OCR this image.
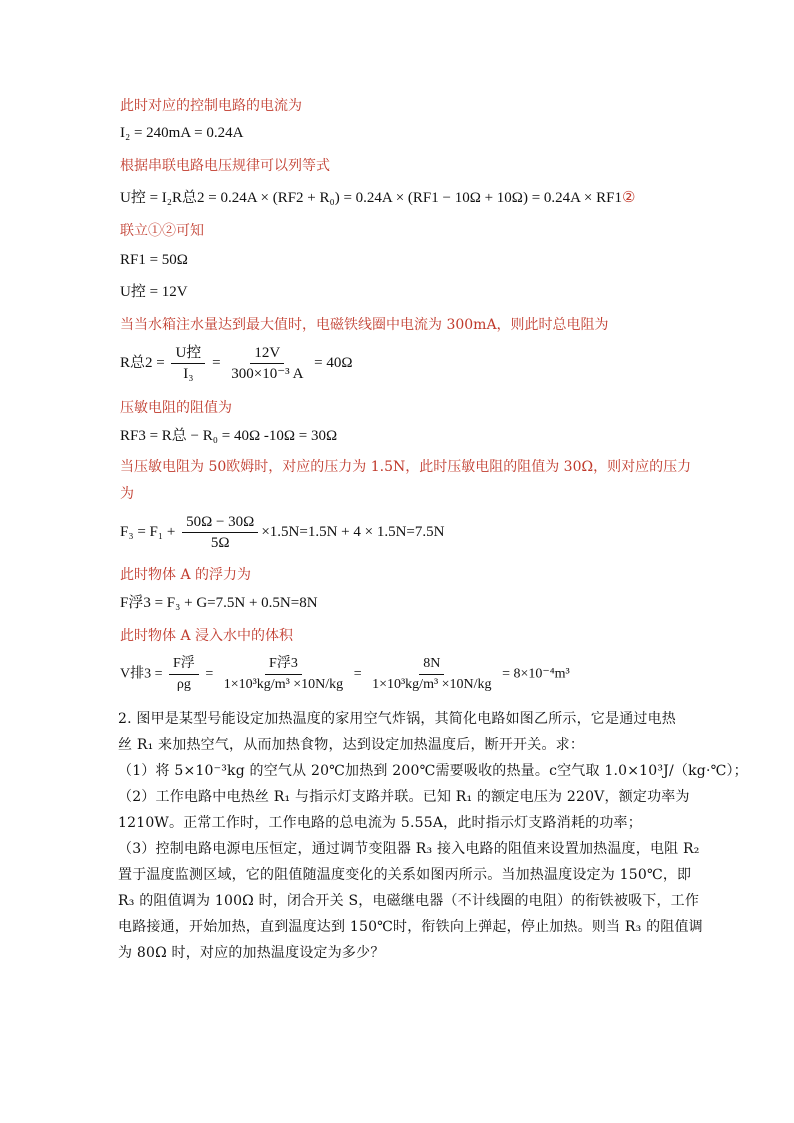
此时对应的控制电路的电流为
I₂ = 240mA = 0.24A
根据串联电路电压规律可以列等式
U控 = I₂R总2 = 0.24A × (RF2 + R₀) = 0.24A × (RF1 − 10Ω + 10Ω) = 0.24A × RF1②
联立①②可知
RF1 = 50Ω
U控 = 12V
当当水箱注水量达到最大值时，电磁铁线圈中电流为 300mA，则此时总电阻为
R总$2 = \frac{\text{U控}}{\text{I₃}} = \frac{12V}{\text{300×10⁻³ A}} = 40\Omega$
压敏电阻的阻值为
RF3 = R总 − R₀ = 40Ω -10Ω = 30Ω
当压敏电阻为 50欧姆时，对应的压力为 1.5N，此时压敏电阻的阻值为 30Ω，则对应的压力
为
$F_3 = F_1 + \frac{50\Omega - 30\Omega}{5\Omega} \times 1.5N=1.5N + 4 \times 1.5N=7.5N$
此时物体 A 的浮力为
F浮3 = F₃ + G=7.5N + 0.5N=8N
此时物体 A 浸入水中的体积
V排$3 = \frac{\text{F浮}}{\rho g} = \frac{\text{F浮3}}{\text{1×10³kg/m³ ×10N/kg}} = \frac{8N}{\text{1×10³kg/m³ ×10N/kg}} = 8\times 10^{-4}m^3$
2. 图甲是某型号能设定加热温度的家用空气炸锅，其简化电路如图乙所示，它是通过电热
丝 R₁ 来加热空气，从而加热食物，达到设定加热温度后，断开开关。求：
（1）将 5×10⁻³kg 的空气从 20℃加热到 200℃需要吸收的热量。c空气取 1.0×10³J/（kg·℃）；
（2）工作电路中电热丝 R₁ 与指示灯支路并联。已知 R₁ 的额定电压为 220V，额定功率为
1210W。正常工作时，工作电路的总电流为 5.55A，此时指示灯支路消耗的功率；
（3）控制电路电源电压恒定，通过调节变阻器 R₃ 接入电路的阻值来设置加热温度，电阻 R₂
置于温度监测区域，它的阻值随温度变化的关系如图丙所示。当加热温度设定为 150℃，即
R₃ 的阻值调为 100Ω 时，闭合开关 S，电磁继电器（不计线圈的电阻）的衔铁被吸下，工作
电路接通，开始加热，直到温度达到 150℃时，衔铁向上弹起，停止加热。则当 R₃ 的阻值调
为 80Ω 时，对应的加热温度设定为多少？
